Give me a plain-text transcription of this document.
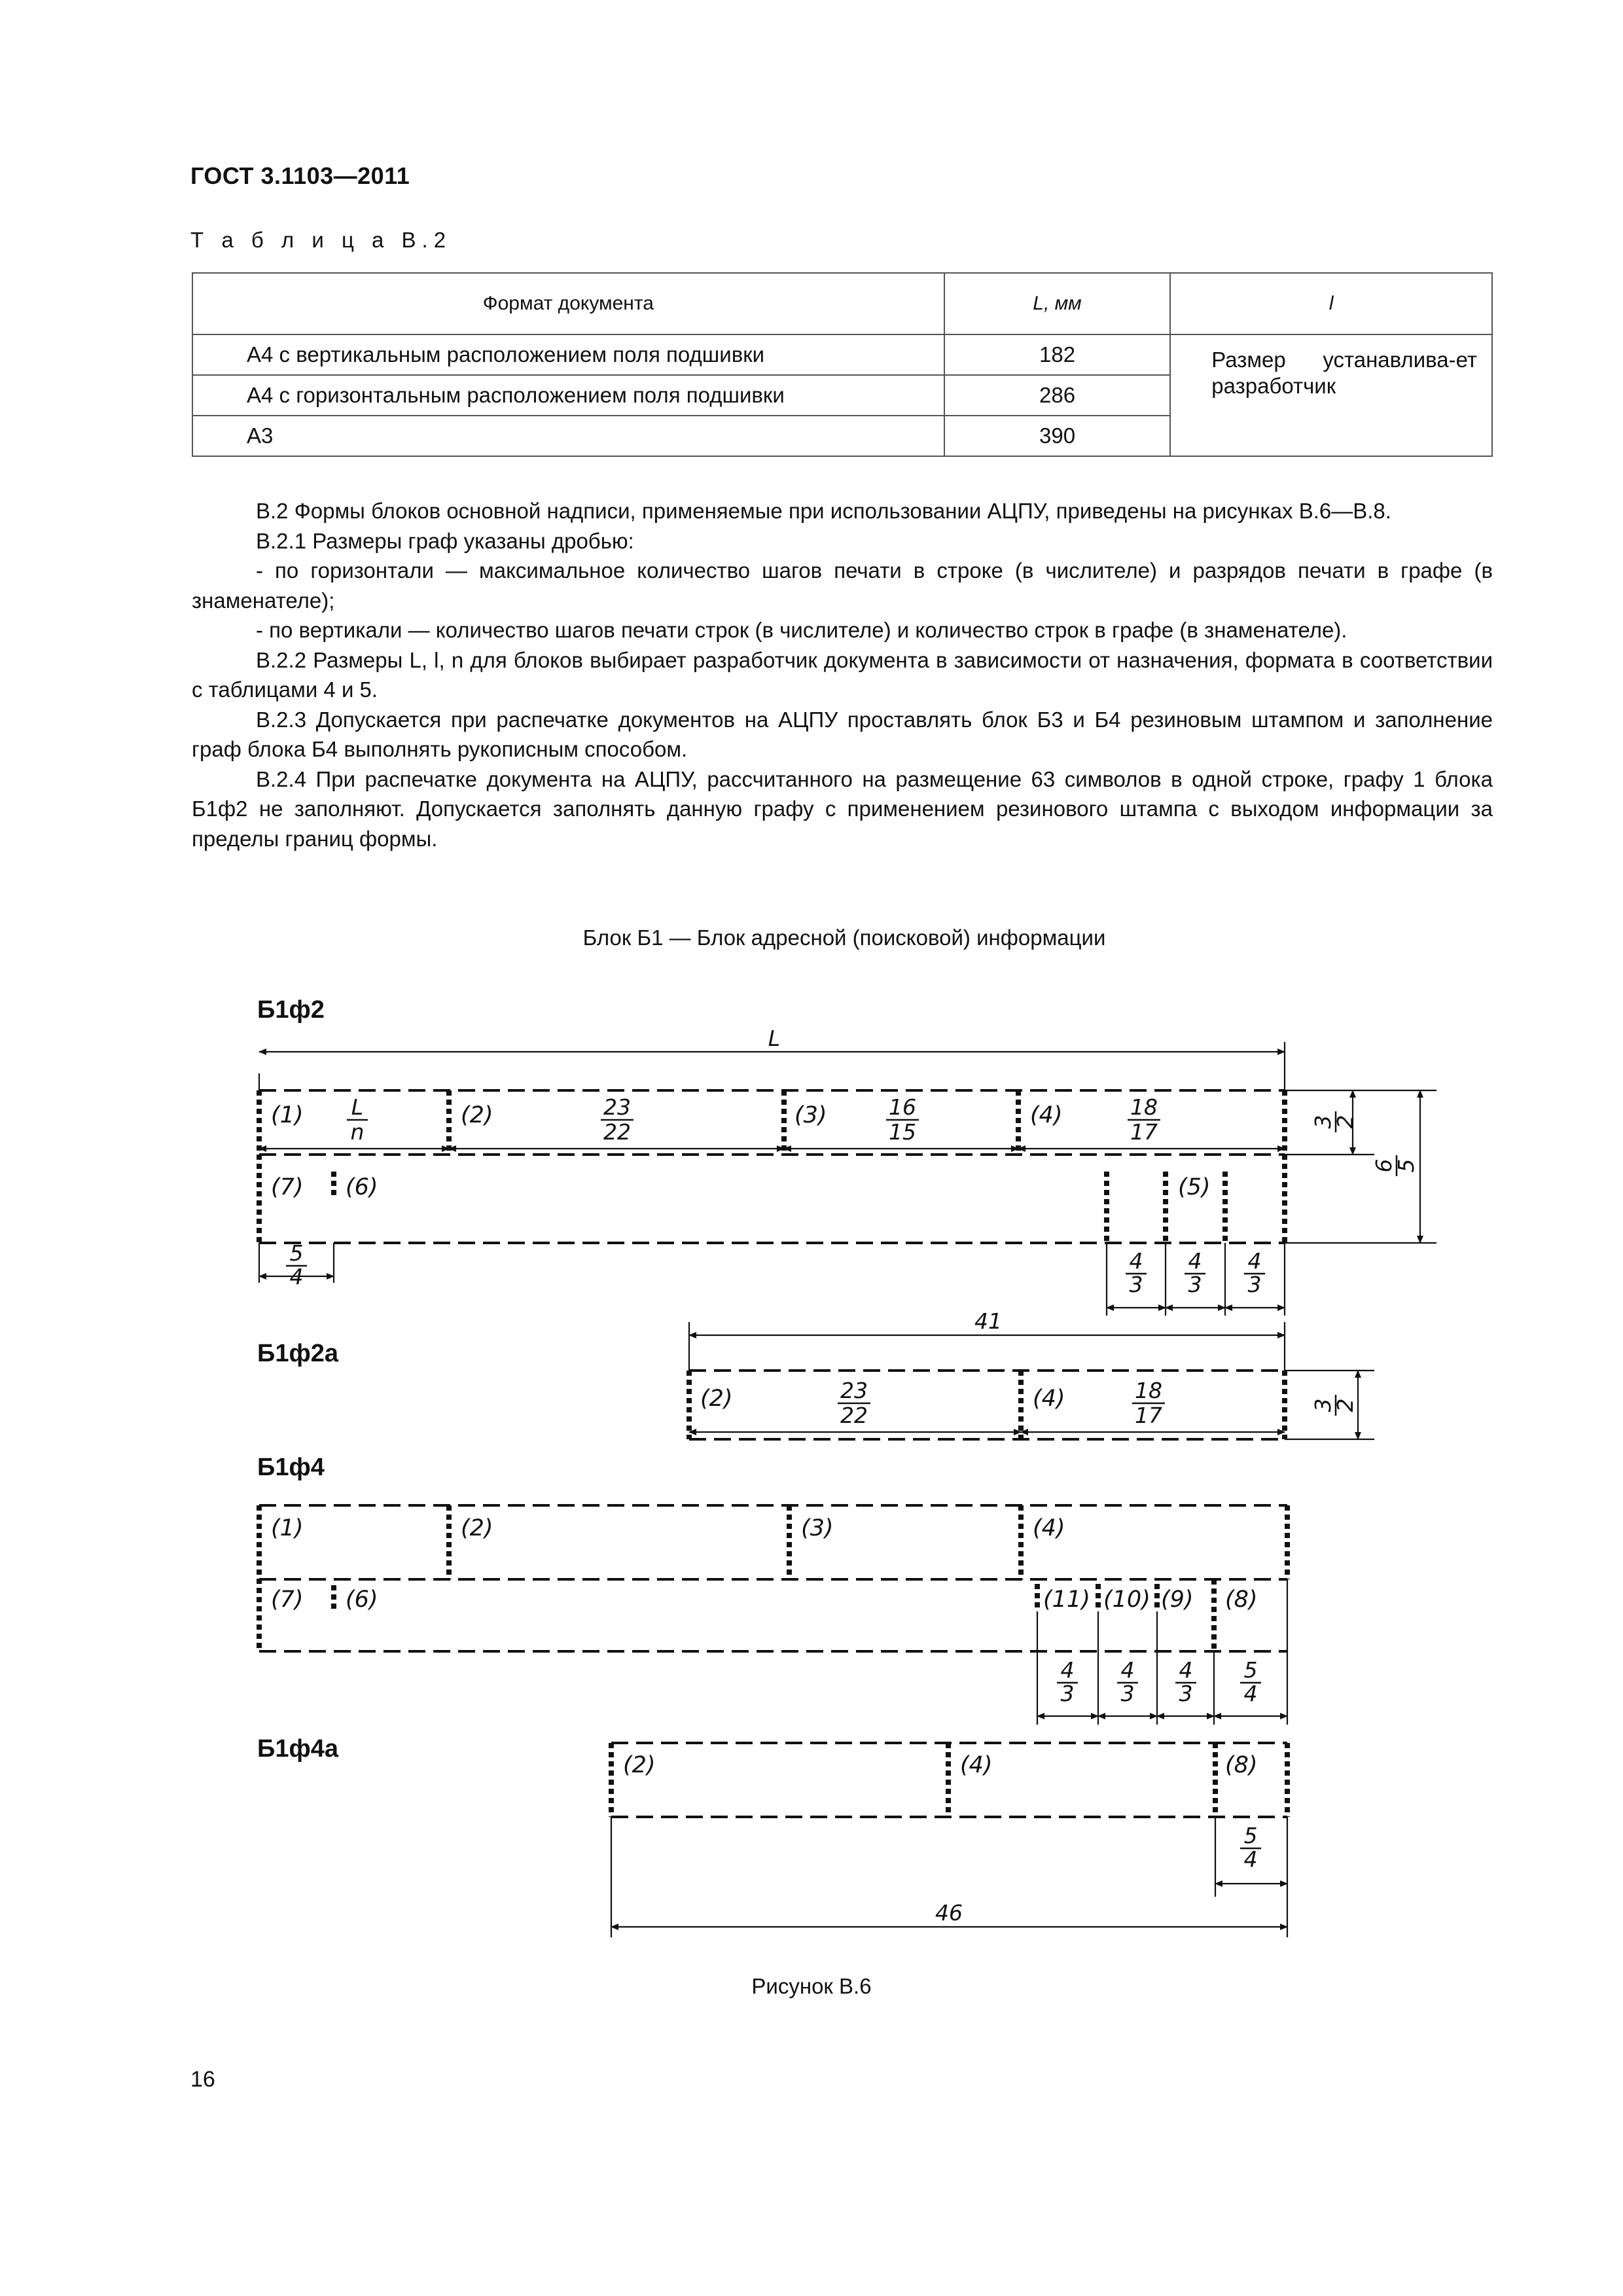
ГОСТ 3.1103—2011
Т а б л и ц а В.2
Формат документа	L, мм	l
А4 с вертикальным расположением поля подшивки	182	Размер устанавлива-ет разработчик
А4 с горизонтальным расположением поля подшивки	286	
А3	390	

В.2 Формы блоков основной надписи, применяемые при использовании АЦПУ, приведены на рисунках В.6—В.8.

В.2.1 Размеры граф указаны дробью:

- по горизонтали — максимальное количество шагов печати в строке (в числителе) и разрядов печати в графе (в знаменателе);

- по вертикали — количество шагов печати строк (в числителе) и количество строк в графе (в знаменателе).

В.2.2 Размеры L, l, n для блоков выбирает разработчик документа в зависимости от назначения, формата в соответствии с таблицами 4 и 5.

В.2.3 Допускается при распечатке документов на АЦПУ проставлять блок Б3 и Б4 резиновым штампом и заполнение граф блока Б4 выполнять рукописным способом.

В.2.4 При распечатке документа на АЦПУ, рассчитанного на размещение 63 символов в одной строке, графу 1 блока Б1ф2 не заполняют. Допускается заполнять данную графу с применением резинового штампа с выходом информации за пределы границ формы.

Блок Б1 — Блок адресной (поисковой) информации
Б1ф2
Б1ф2а
Б1ф4
Б1ф4а
L
(1)	(2)	(3)	(4)
L
n
23
22
16
15
18
17
(7) (6)	(5)
5
4
4
3
4
3
4
3
3
2
6
5
41
(2)	(4)
23
22
18
17	3
2
(1)	(2)	(3)	(4)
(7) (6)	(11) (10) (9) (8)
4
3
4
3
4
3
5
4
(2)	(4)	(8)
5
4
46
Рисунок В.6
16
